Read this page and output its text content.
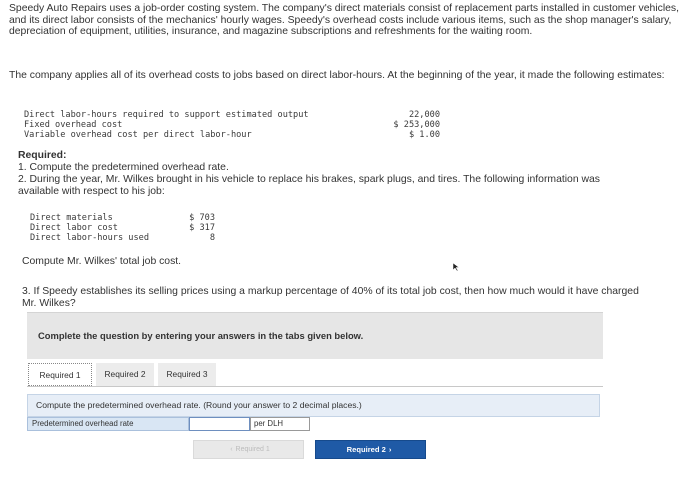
Speedy Auto Repairs uses a job-order costing system. The company's direct materials consist of replacement parts installed in customer vehicles, and its direct labor consists of the mechanics' hourly wages. Speedy's overhead costs include various items, such as the shop manager's salary, depreciation of equipment, utilities, insurance, and magazine subscriptions and refreshments for the waiting room.
The company applies all of its overhead costs to jobs based on direct labor-hours. At the beginning of the year, it made the following estimates:
Direct labor-hours required to support estimated output	22,000
Fixed overhead cost	$ 253,000
Variable overhead cost per direct labor-hour	$ 1.00
Required:
1. Compute the predetermined overhead rate.
2. During the year, Mr. Wilkes brought in his vehicle to replace his brakes, spark plugs, and tires. The following information was
available with respect to his job:
Direct materials	$ 703
Direct labor cost	$ 317
Direct labor-hours used	8
Compute Mr. Wilkes' total job cost.
3. If Speedy establishes its selling prices using a markup percentage of 40% of its total job cost, then how much would it have charged
Mr. Wilkes?
Complete the question by entering your answers in the tabs given below.
Required 1	Required 2	Required 3
Compute the predetermined overhead rate. (Round your answer to 2 decimal places.)
Predetermined overhead rate	per DLH
‹ Required 1	Required 2 ›
